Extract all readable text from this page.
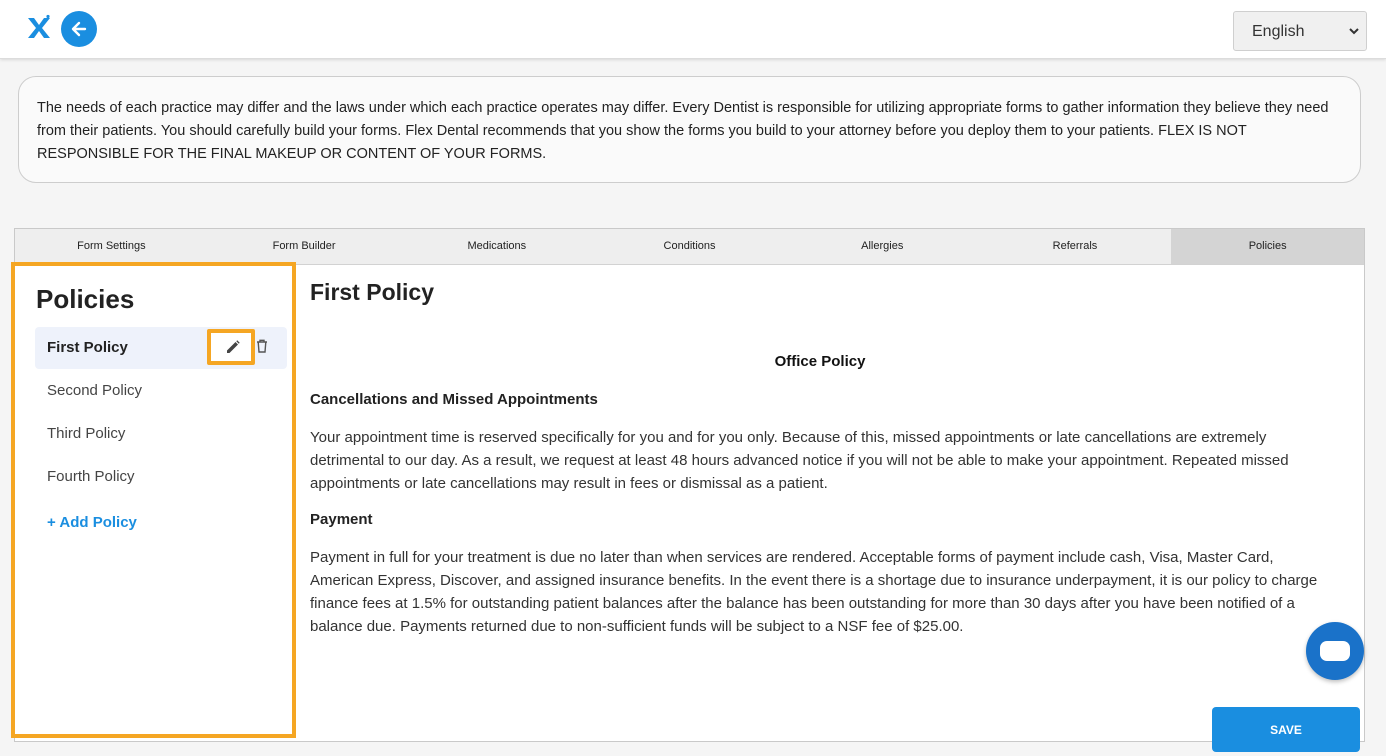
English
The needs of each practice may differ and the laws under which each practice operates may differ. Every Dentist is responsible for utilizing appropriate forms to gather information they believe they need from their patients. You should carefully build your forms. Flex Dental recommends that you show the forms you build to your attorney before you deploy them to your patients. FLEX IS NOT RESPONSIBLE FOR THE FINAL MAKEUP OR CONTENT OF YOUR FORMS.
Form Settings	Form Builder	Medications	Conditions	Allergies	Referrals	Policies
Policies
First Policy
Second Policy
Third Policy
Fourth Policy
+ Add Policy
First Policy
Office Policy
Cancellations and Missed Appointments
Your appointment time is reserved specifically for you and for you only. Because of this, missed appointments or late cancellations are extremely detrimental to our day. As a result, we request at least 48 hours advanced notice if you will not be able to make your appointment. Repeated missed appointments or late cancellations may result in fees or dismissal as a patient.
Payment
Payment in full for your treatment is due no later than when services are rendered. Acceptable forms of payment include cash, Visa, Master Card, American Express, Discover, and assigned insurance benefits. In the event there is a shortage due to insurance underpayment, it is our policy to charge finance fees at 1.5% for outstanding patient balances after the balance has been outstanding for more than 30 days after you have been notified of a balance due. Payments returned due to non-sufficient funds will be subject to a NSF fee of $25.00.
SAVE
